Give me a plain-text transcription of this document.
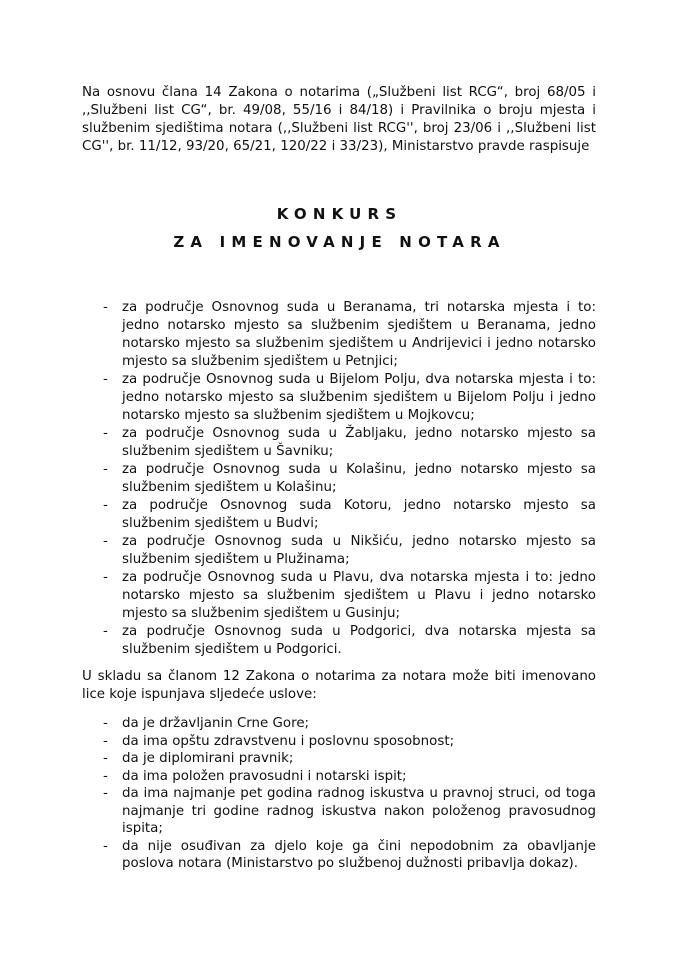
Na osnovu člana 14 Zakona o notarima („Službeni list RCG“, broj 68/05 i ,,Službeni list CG“, br. 49/08, 55/16 i 84/18) i Pravilnika o broju mjesta i službenim sjedištima notara (,,Službeni list RCG'', broj 23/06 i ,,Službeni list CG'', br. 11/12, 93/20, 65/21, 120/22 i 33/23), Ministarstvo pravde raspisuje

KONKURS
ZA IMENOVANJE NOTARA
- za područje Osnovnog suda u Beranama, tri notarska mjesta i to: jedno notarsko mjesto sa službenim sjedištem u Beranama, jedno notarsko mjesto sa službenim sjedištem u Andrijevici i jedno notarsko mjesto sa službenim sjedištem u Petnjici;
- za područje Osnovnog suda u Bijelom Polju, dva notarska mjesta i to: jedno notarsko mjesto sa službenim sjedištem u Bijelom Polju i jedno notarsko mjesto sa službenim sjedištem u Mojkovcu;
- za područje Osnovnog suda u Žabljaku, jedno notarsko mjesto sa službenim sjedištem u Šavniku;
- za područje Osnovnog suda u Kolašinu, jedno notarsko mjesto sa službenim sjedištem u Kolašinu;
- za područje Osnovnog suda Kotoru, jedno notarsko mjesto sa službenim sjedištem u Budvi;
- za područje Osnovnog suda u Nikšiću, jedno notarsko mjesto sa službenim sjedištem u Plužinama;
- za područje Osnovnog suda u Plavu, dva notarska mjesta i to: jedno notarsko mjesto sa službenim sjedištem u Plavu i jedno notarsko mjesto sa službenim sjedištem u Gusinju;
- za područje Osnovnog suda u Podgorici, dva notarska mjesta sa službenim sjedištem u Podgorici.

U skladu sa članom 12 Zakona o notarima za notara može biti imenovano lice koje ispunjava sljedeće uslove:

- da je državljanin Crne Gore;
- da ima opštu zdravstvenu i poslovnu sposobnost;
- da je diplomirani pravnik;
- da ima položen pravosudni i notarski ispit;
- da ima najmanje pet godina radnog iskustva u pravnoj struci, od toga najmanje tri godine radnog iskustva nakon položenog pravosudnog ispita;
- da nije osuđivan za djelo koje ga čini nepodobnim za obavljanje poslova notara (Ministarstvo po službenoj dužnosti pribavlja dokaz).
